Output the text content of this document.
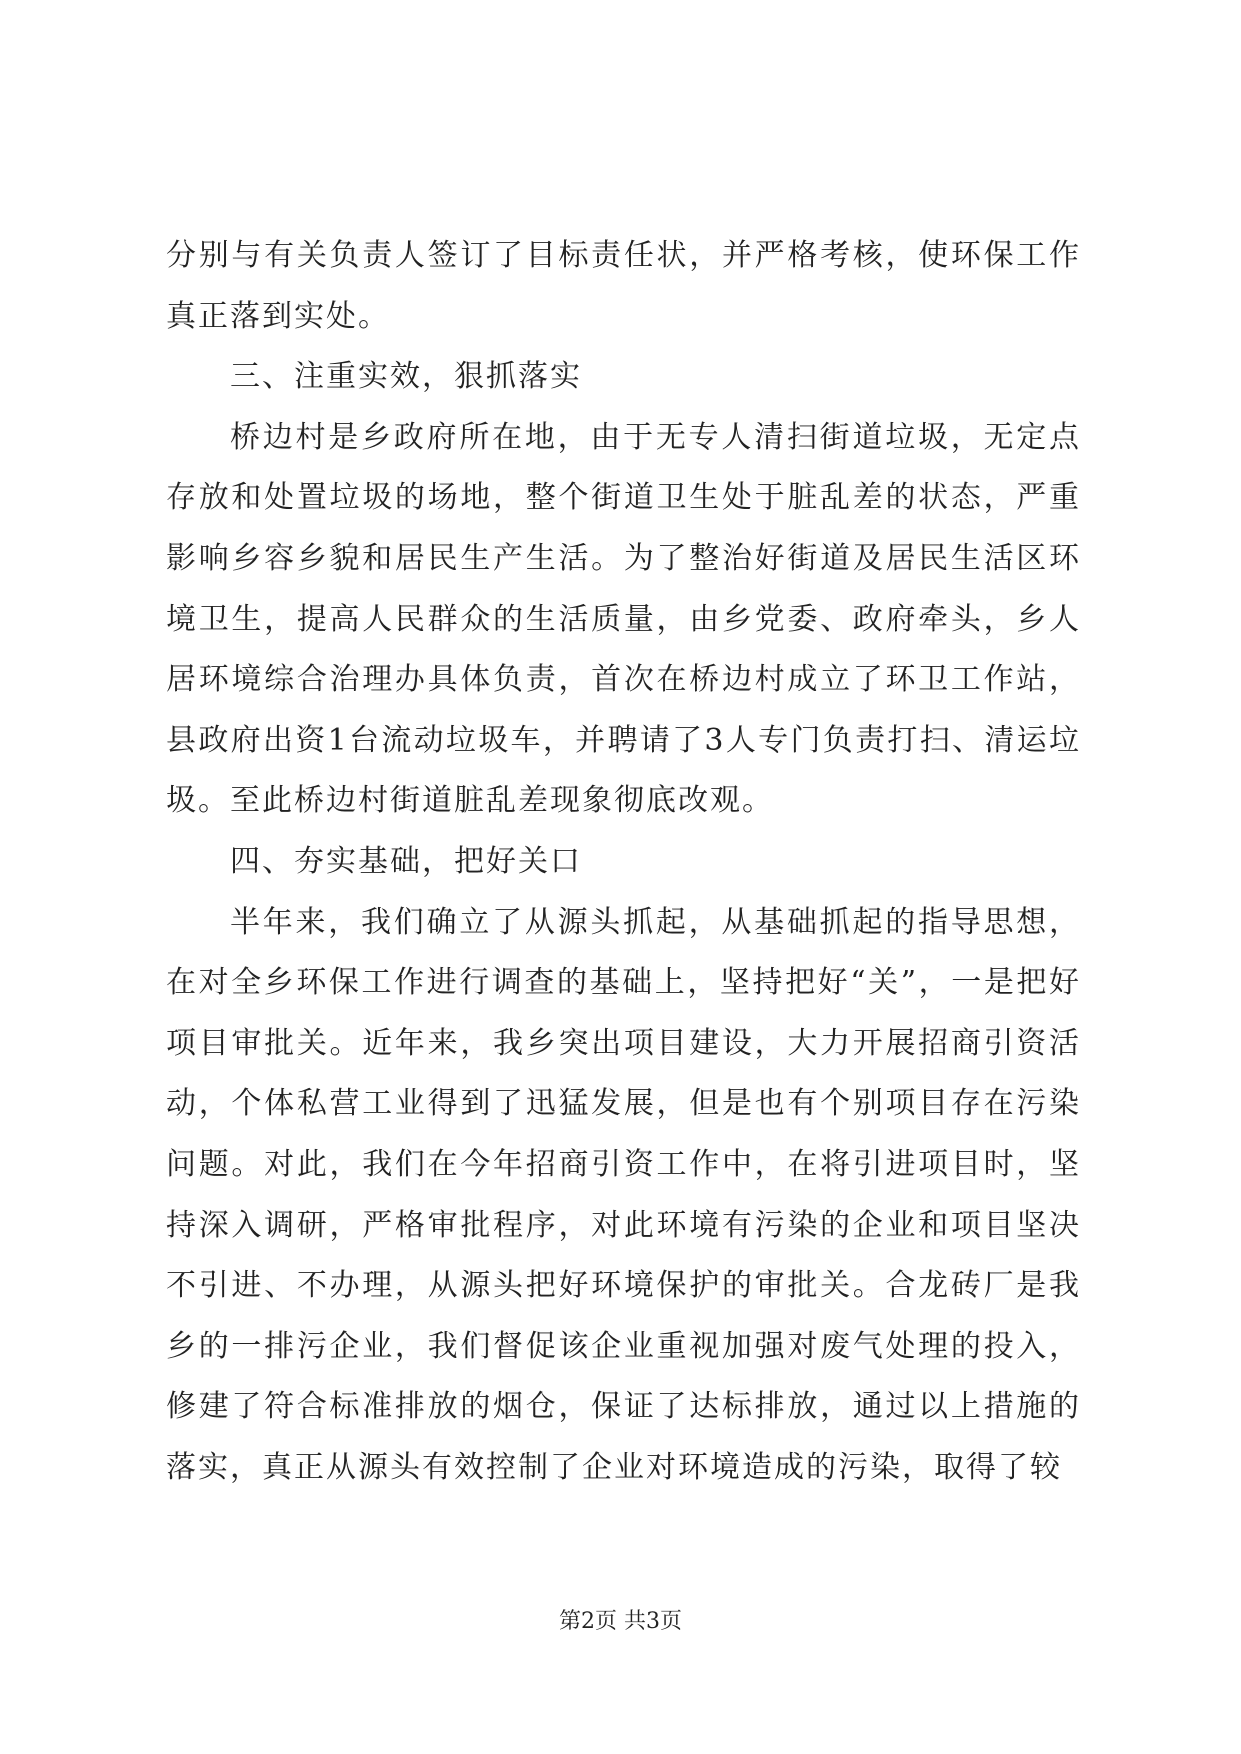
分别与有关负责人签订了目标责任状，并严格考核，使环保工作真正落到实处。

三、注重实效，狠抓落实

桥边村是乡政府所在地，由于无专人清扫街道垃圾，无定点存放和处置垃圾的场地，整个街道卫生处于脏乱差的状态，严重影响乡容乡貌和居民生产生活。为了整治好街道及居民生活区环境卫生，提高人民群众的生活质量，由乡党委、政府牵头，乡人居环境综合治理办具体负责，首次在桥边村成立了环卫工作站，县政府出资1台流动垃圾车，并聘请了3人专门负责打扫、清运垃圾。至此桥边村街道脏乱差现象彻底改观。

四、夯实基础，把好关口

半年来，我们确立了从源头抓起，从基础抓起的指导思想，在对全乡环保工作进行调查的基础上，坚持把好“关”，一是把好项目审批关。近年来，我乡突出项目建设，大力开展招商引资活动，个体私营工业得到了迅猛发展，但是也有个别项目存在污染问题。对此，我们在今年招商引资工作中，在将引进项目时，坚持深入调研，严格审批程序，对此环境有污染的企业和项目坚决不引进、不办理，从源头把好环境保护的审批关。合龙砖厂是我乡的一排污企业，我们督促该企业重视加强对废气处理的投入，修建了符合标准排放的烟仓，保证了达标排放，通过以上措施的落实，真正从源头有效控制了企业对环境造成的污染，取得了较

第2页 共3页
